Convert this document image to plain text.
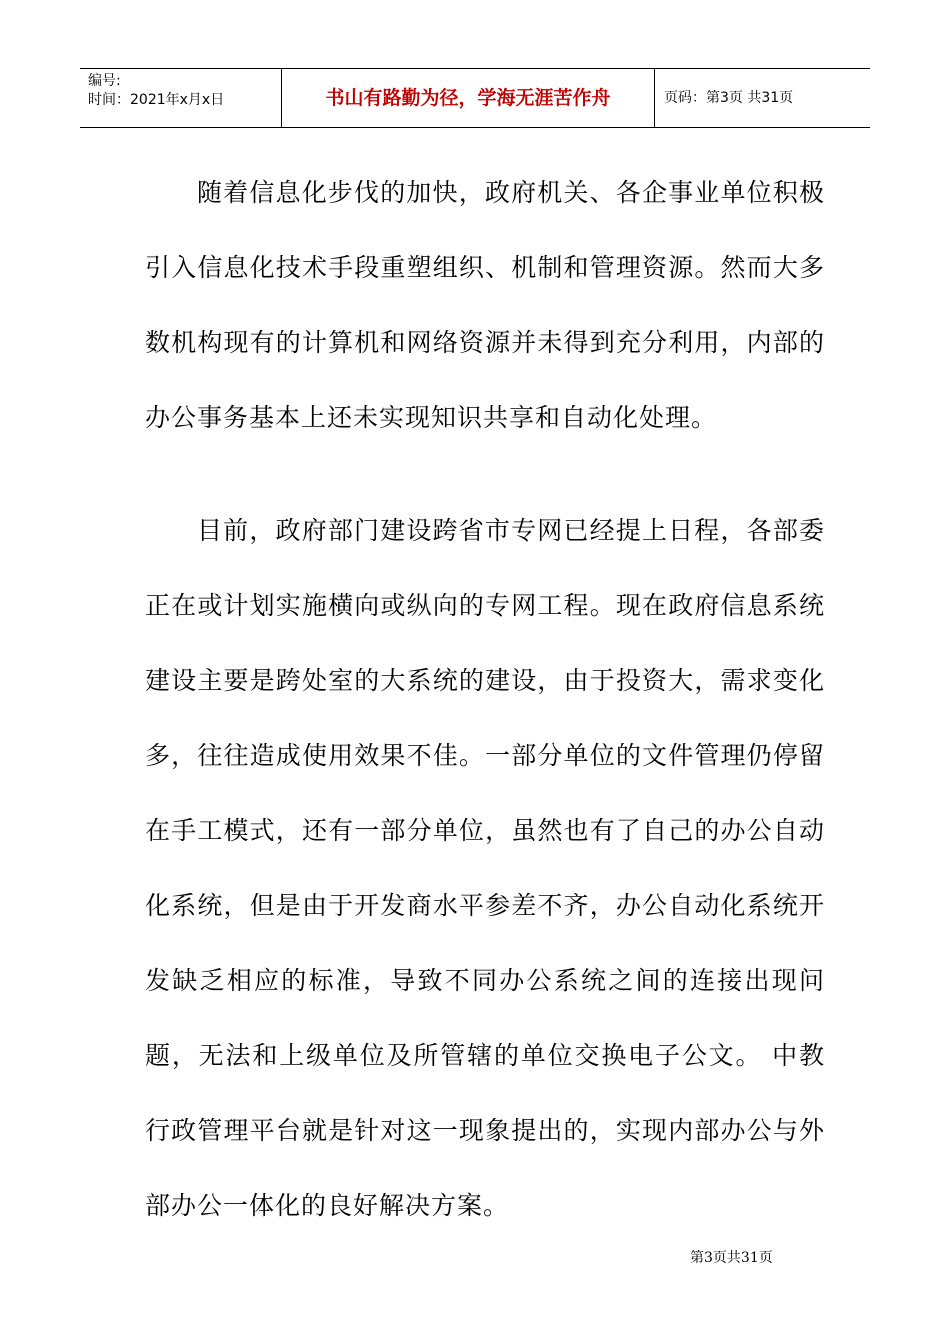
编号:
时间：2021年x月x日	书山有路勤为径，学海无涯苦作舟	页码：第3页 共31页

随着信息化步伐的加快，政府机关、各企事业单位积极引入信息化技术手段重塑组织、机制和管理资源。然而大多数机构现有的计算机和网络资源并未得到充分利用，内部的办公事务基本上还未实现知识共享和自动化处理。

目前，政府部门建设跨省市专网已经提上日程，各部委正在或计划实施横向或纵向的专网工程。现在政府信息系统建设主要是跨处室的大系统的建设，由于投资大，需求变化多，往往造成使用效果不佳。一部分单位的文件管理仍停留在手工模式，还有一部分单位，虽然也有了自己的办公自动化系统，但是由于开发商水平参差不齐，办公自动化系统开发缺乏相应的标准，导致不同办公系统之间的连接出现问题，无法和上级单位及所管辖的单位交换电子公文。 中教行政管理平台就是针对这一现象提出的，实现内部办公与外部办公一体化的良好解决方案。

第3页共31页
